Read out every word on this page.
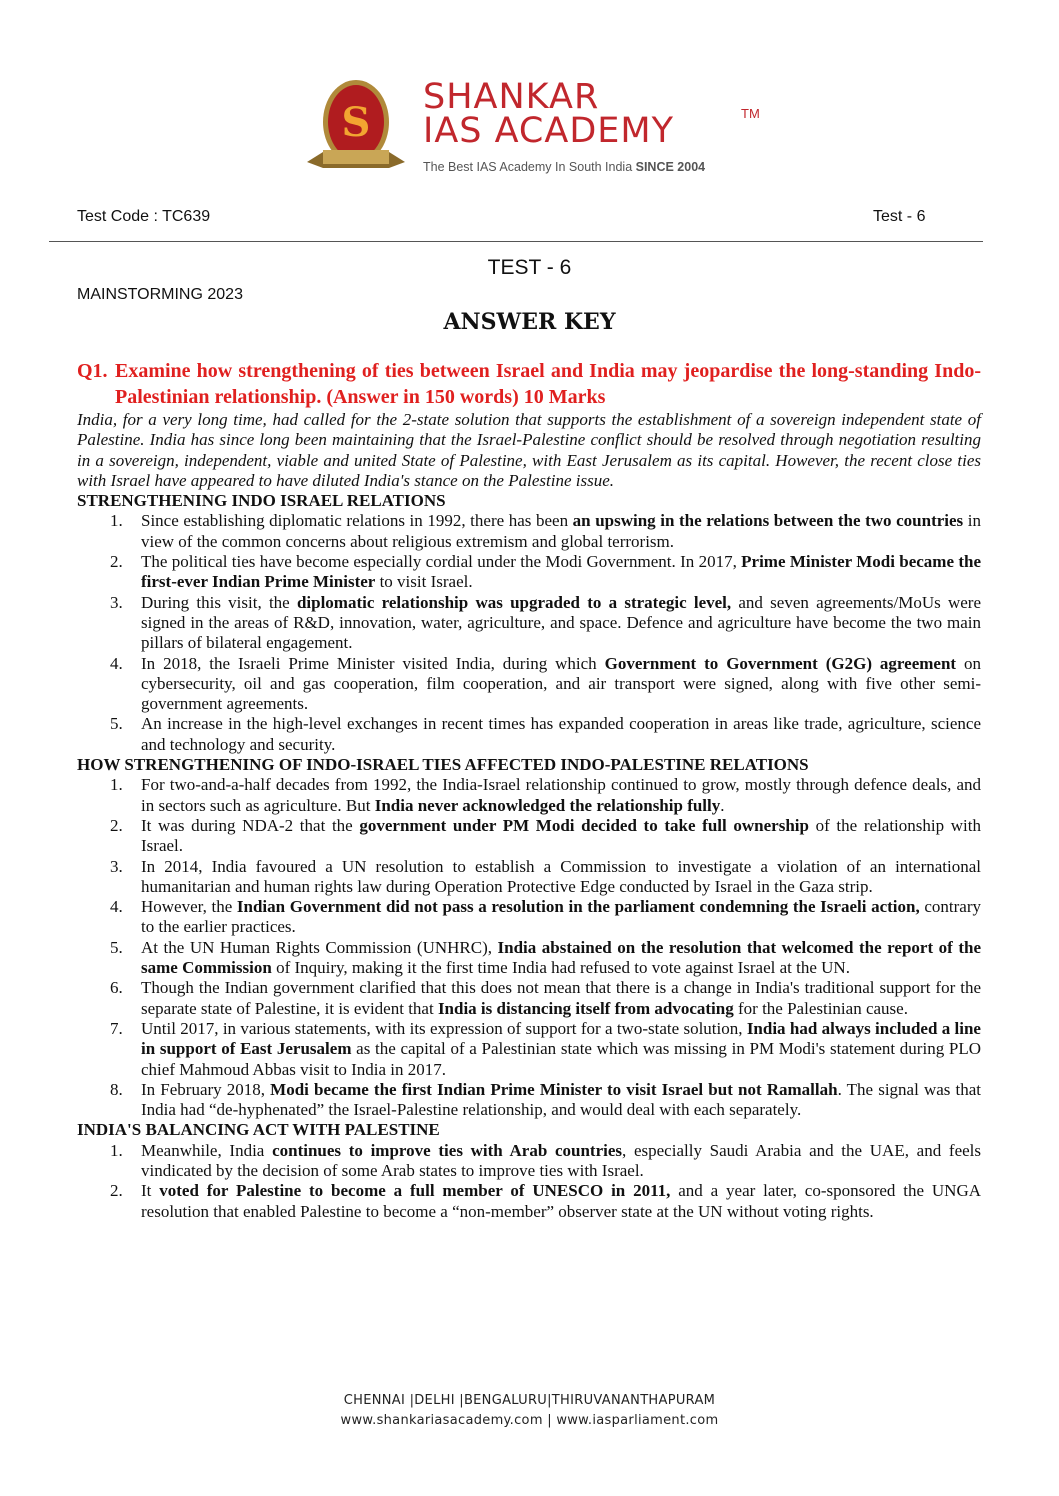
S
SHANKAR
IAS ACADEMY	TM
The Best IAS Academy In South India SINCE 2004
Test Code : TC639	Test - 6
TEST - 6
MAINSTORMING 2023
ANSWER KEY
Q1. Examine how strengthening of ties between Israel and India may jeopardise the long-standing Indo-Palestinian relationship. (Answer in 150 words) 10 Marks
India, for a very long time, had called for the 2-state solution that supports the establishment of a sovereign independent state of Palestine. India has since long been maintaining that the Israel-Palestine conflict should be resolved through negotiation resulting in a sovereign, independent, viable and united State of Palestine, with East Jerusalem as its capital. However, the recent close ties with Israel have appeared to have diluted India's stance on the Palestine issue.
STRENGTHENING INDO ISRAEL RELATIONS
1.	Since establishing diplomatic relations in 1992, there has been an upswing in the relations between the two countries in view of the common concerns about religious extremism and global terrorism.
2.	The political ties have become especially cordial under the Modi Government. In 2017, Prime Minister Modi became the first-ever Indian Prime Minister to visit Israel.
3.	During this visit, the diplomatic relationship was upgraded to a strategic level, and seven agreements/MoUs were signed in the areas of R&D, innovation, water, agriculture, and space. Defence and agriculture have become the two main pillars of bilateral engagement.
4.	In 2018, the Israeli Prime Minister visited India, during which Government to Government (G2G) agreement on cybersecurity, oil and gas cooperation, film cooperation, and air transport were signed, along with five other semi-government agreements.
5.	An increase in the high-level exchanges in recent times has expanded cooperation in areas like trade, agriculture, science and technology and security.
HOW STRENGTHENING OF INDO-ISRAEL TIES AFFECTED INDO-PALESTINE RELATIONS
1.	For two-and-a-half decades from 1992, the India-Israel relationship continued to grow, mostly through defence deals, and in sectors such as agriculture. But India never acknowledged the relationship fully.
2.	It was during NDA-2 that the government under PM Modi decided to take full ownership of the relationship with Israel.
3.	In 2014, India favoured a UN resolution to establish a Commission to investigate a violation of an international humanitarian and human rights law during Operation Protective Edge conducted by Israel in the Gaza strip.
4.	However, the Indian Government did not pass a resolution in the parliament condemning the Israeli action, contrary to the earlier practices.
5.	At the UN Human Rights Commission (UNHRC), India abstained on the resolution that welcomed the report of the same Commission of Inquiry, making it the first time India had refused to vote against Israel at the UN.
6.	Though the Indian government clarified that this does not mean that there is a change in India's traditional support for the separate state of Palestine, it is evident that India is distancing itself from advocating for the Palestinian cause.
7.	Until 2017, in various statements, with its expression of support for a two-state solution, India had always included a line in support of East Jerusalem as the capital of a Palestinian state which was missing in PM Modi's statement during PLO chief Mahmoud Abbas visit to India in 2017.
8.	In February 2018, Modi became the first Indian Prime Minister to visit Israel but not Ramallah. The signal was that India had “de-hyphenated” the Israel-Palestine relationship, and would deal with each separately.
INDIA'S BALANCING ACT WITH PALESTINE
1.	Meanwhile, India continues to improve ties with Arab countries, especially Saudi Arabia and the UAE, and feels vindicated by the decision of some Arab states to improve ties with Israel.
2.	It voted for Palestine to become a full member of UNESCO in 2011, and a year later, co-sponsored the UNGA resolution that enabled Palestine to become a “non-member” observer state at the UN without voting rights.
CHENNAI |DELHI |BENGALURU|THIRUVANANTHAPURAM
www.shankariasacademy.com | www.iasparliament.com
